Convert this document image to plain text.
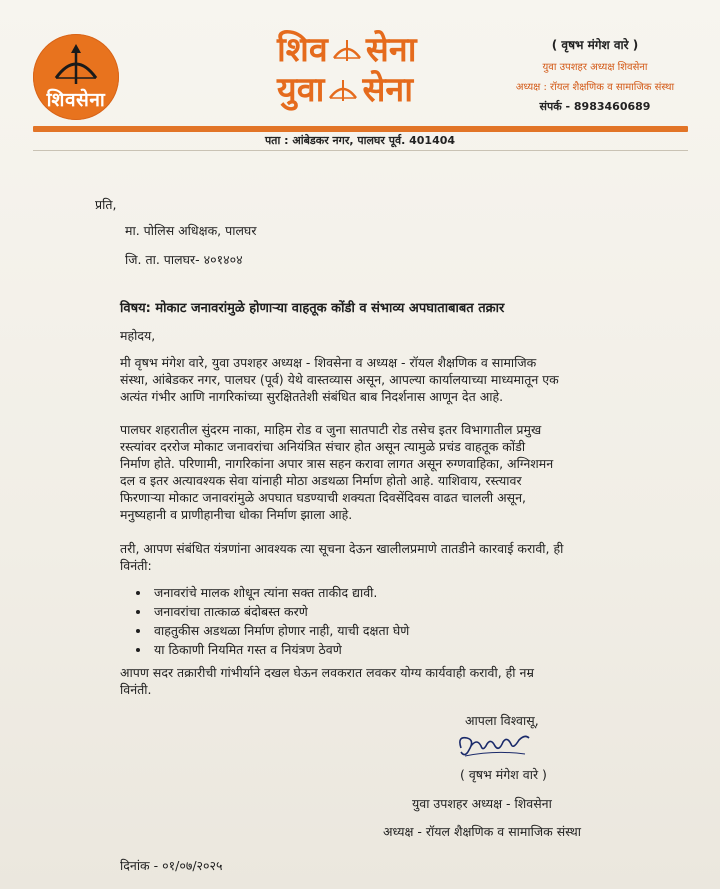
शिवसेना
शिव सेना
युवा सेना
( वृषभ मंगेश वारे )
युवा उपशहर अध्यक्ष शिवसेना
अध्यक्ष : रॉयल शैक्षणिक व सामाजिक संस्था
संपर्क - 8983460689
पता : आंबेडकर नगर, पालघर पूर्व. 401404
प्रति,
मा. पोलिस अधिक्षक, पालघर
जि. ता. पालघर- ४०१४०४
विषय: मोकाट जनावरांमुळे होणाऱ्या वाहतूक कोंडी व संभाव्य अपघाताबाबत तक्रार
महोदय,
मी वृषभ मंगेश वारे, युवा उपशहर अध्यक्ष - शिवसेना व अध्यक्ष - रॉयल शैक्षणिक व सामाजिक
संस्था, आंबेडकर नगर, पालघर (पूर्व) येथे वास्तव्यास असून, आपल्या कार्यालयाच्या माध्यमातून एक
अत्यंत गंभीर आणि नागरिकांच्या सुरक्षिततेशी संबंधित बाब निदर्शनास आणून देत आहे.
पालघर शहरातील सुंदरम नाका, माहिम रोड व जुना सातपाटी रोड तसेच इतर विभागातील प्रमुख
रस्त्यांवर दररोज मोकाट जनावरांचा अनियंत्रित संचार होत असून त्यामुळे प्रचंड वाहतूक कोंडी
निर्माण होते. परिणामी, नागरिकांना अपार त्रास सहन करावा लागत असून रुग्णवाहिका, अग्निशमन
दल व इतर अत्यावश्यक सेवा यांनाही मोठा अडथळा निर्माण होतो आहे. याशिवाय, रस्त्यावर
फिरणाऱ्या मोकाट जनावरांमुळे अपघात घडण्याची शक्यता दिवसेंदिवस वाढत चालली असून,
मनुष्यहानी व प्राणीहानीचा धोका निर्माण झाला आहे.
तरी, आपण संबंधित यंत्रणांना आवश्यक त्या सूचना देऊन खालीलप्रमाणे तातडीने कारवाई करावी, ही
विनंती:
जनावरांचे मालक शोधून त्यांना सक्त ताकीद द्यावी.
जनावरांचा तात्काळ बंदोबस्त करणे
वाहतुकीस अडथळा निर्माण होणार नाही, याची दक्षता घेणे
या ठिकाणी नियमित गस्त व नियंत्रण ठेवणे
आपण सदर तक्रारीची गांभीर्याने दखल घेऊन लवकरात लवकर योग्य कार्यवाही करावी, ही नम्र
विनंती.
आपला विश्वासू,
( वृषभ मंगेश वारे )
युवा उपशहर अध्यक्ष - शिवसेना
अध्यक्ष - रॉयल शैक्षणिक व सामाजिक संस्था
दिनांक - ०१/०७/२०२५
